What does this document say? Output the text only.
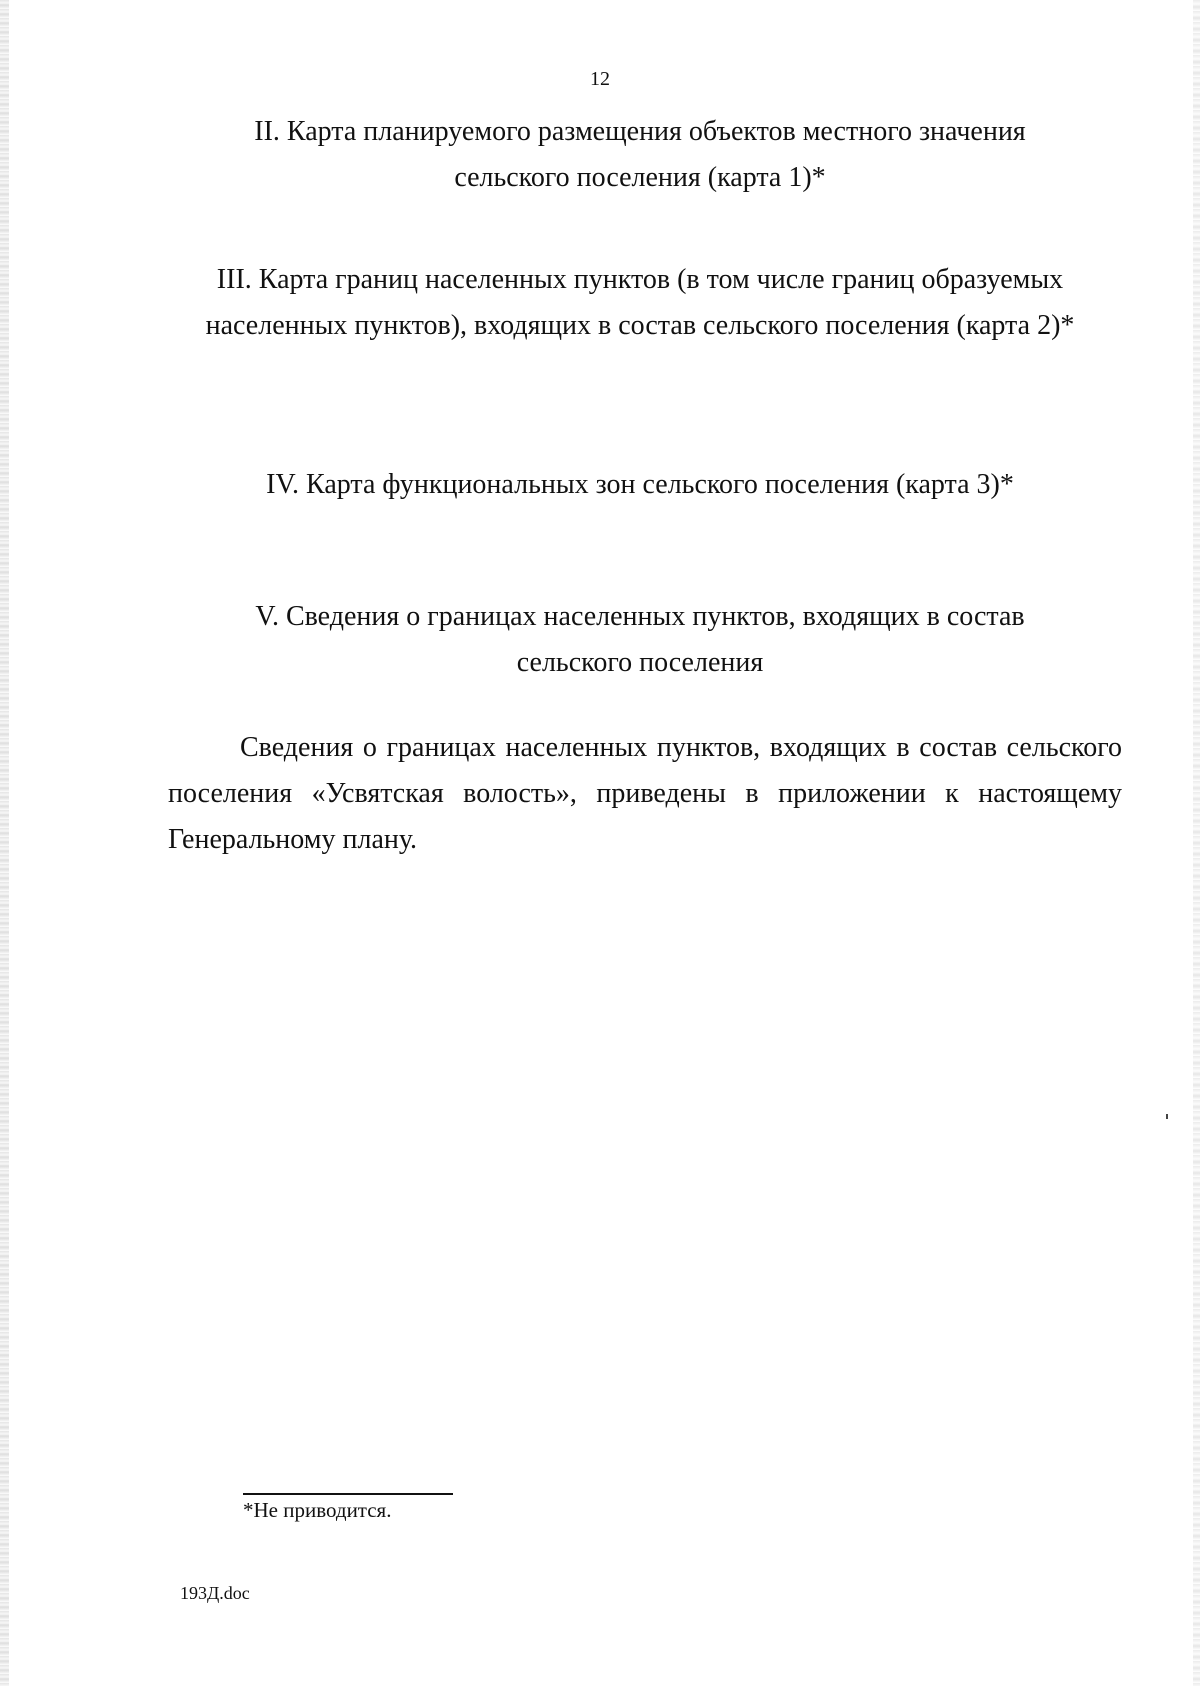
12
II. Карта планируемого размещения объектов местного значения
сельского поселения (карта 1)*
III. Карта границ населенных пунктов (в том числе границ образуемых
населенных пунктов), входящих в состав сельского поселения (карта 2)*
IV. Карта функциональных зон сельского поселения (карта 3)*
V. Сведения о границах населенных пунктов, входящих в состав
сельского поселения

Сведения о границах населенных пунктов, входящих в состав сельского поселения «Усвятская волость», приведены в приложении к настоящему Генеральному плану.

*Не приводится.
193Д.doc
